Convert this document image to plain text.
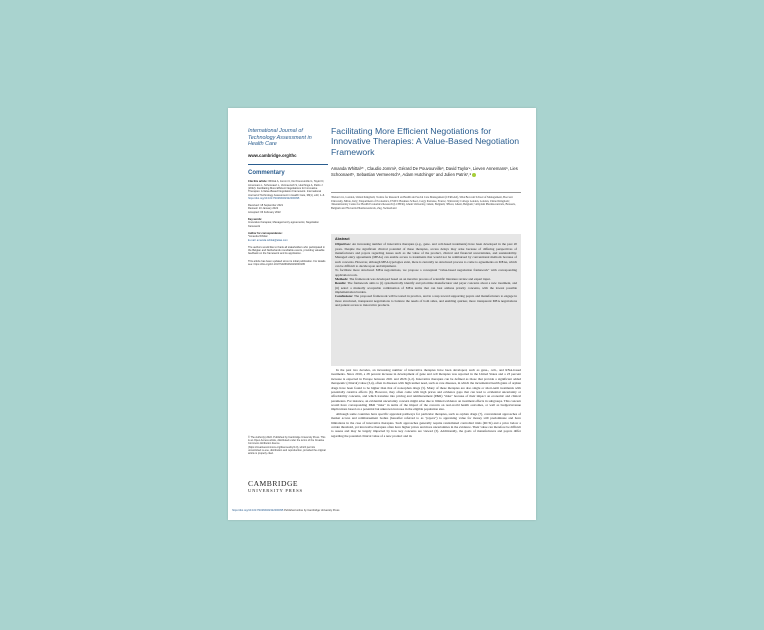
International Journal of Technology Assessment in Health Care
www.cambridge.org/thc
Commentary

Cite this article: Whittal A, Jommi C, De Pouvourville G, Taylor D, Annemans L, Schoonaert L, Vermeersch S, Hutchings A, Patris J (2022). Facilitating More Efficient Negotiations for Innovative Therapies: A Value-Based Negotiation Framework. International Journal of Technology Assessment in Health Care, 38(1), e23, 1–6. https://doi.org/10.1017/S0266462322000095

Received: 18 September 2021
Revised: 10 January 2022
Accepted: 06 February 2022

Key words:
Innovative therapies; Managed entry agreements; Negotiation framework

Author for correspondence:
*Amanda Whittal
E-mail: amanda.whittal@alias.com

The authors would like to thank all stakeholders who participated in the Belgian and Netherlands roundtable events, providing valuable feedback on the framework and its application.

This article has been updated since its initial publication. For details see: https://doi.org/10.1017/S0266462322000195

© The Author(s) 2022. Published by Cambridge University Press. This is an Open Access article, distributed under the terms of the Creative Commons Attribution licence (https://creativecommons.org/licenses/by/4.0), which permits unrestricted re-use, distribution and reproduction, provided the original article is properly cited.
CAMBRIDGE
UNIVERSITY PRESS
Facilitating More Efficient Negotiations for Innovative Therapies: A Value-Based Negotiation Framework
Amanda Whittal¹* , Claudio Jommi², Gérard De Pouvourville³, David Taylor⁴, Lieven Annemans⁵, Lies Schoonaert⁵, Sebastian Vermeersch⁶, Adam Hutchings⁷ and Julien Patris⁷,⁸
¹Dolon Ltd., London, United Kingdom; ²Centre for Research on Health and Social Care Management (CERGAS), SDA Bocconi School of Management, Bocconi University, Milan, Italy; ³Department of Economics, ESSEC Business School, Cergy Pontoise, France; ⁴University College London, London, United Kingdom; ⁵Interuniversity Centre for Health Economics Research (I-CHER), Ghent University, Ghent, Belgium; ⁶Pfizer, Ghent, Belgium; ⁷Alnylam Pharmaceuticals, Brussels, Belgium and ⁸Novartis Pharmaceuticals, Zug, Switzerland
Abstract

Objectives: An increasing number of innovative therapies (e.g., gene- and cell-based treatments) have been developed in the past 20 years. Despite the significant clinical potential of these therapies, access delays may arise because of differing perspectives of manufacturers and payers regarding issues such as the value of the product, clinical and financial uncertainties, and sustainability. Managed entry agreements (MEAs) can enable access to treatments that would not be reimbursed by conventional methods because of such concerns. However, although MEA typologies exist, there is currently no structured process to come to agreements on MEAs, which can be difficult to decide upon and implement.

To facilitate more structured MEA negotiations, we propose a conceptual "value-based negotiation framework" with corresponding application tools.

Methods: The framework was developed based on an iterative process of scientific literature review and expert input.

Results: The framework aims to (i) systematically identify and prioritize manufacturer and payer concerns about a new treatment, and (ii) select a mutually acceptable combination of MEA terms that can best address priority concerns, with the lowest possible implementation burden.

Conclusions: The proposed framework will be tested in practice, and in a step toward supporting payers and manufacturers to engage in more structured, transparent negotiations to balance the needs of both sides, and enabling quicker, more transparent MEA negotiations and patient access to innovative products.

In the past two decades, an increasing number of innovative therapies have been developed, such as gene-, cell-, and RNA-based treatments. Since 2016, a 28 percent increase in development of gene and cell therapies was reported in the United States and a 23 percent increase is expected in Europe between 2021 and 2026 (1,2). Innovative therapies can be defined as those that provide a significant added therapeutic (clinical) value (3,4), often in diseases with high unmet need, such as rare diseases, in which the incremental health gains of orphan drugs have been found to be higher than that of nonorphan drugs (5). Many of these therapies are also single or short-term treatments with potentially curative effects (6). However, they often come with high prices and evidence gaps that can lead to evidential uncertainty or affordability concerns, and which translate into pricing and reimbursement (P&R) "risks" because of their impact on economic and clinical parameters. For instance, an evidential uncertainty concern might arise due to limited evidence on treatment effects in subgroups. This concern would have corresponding P&R "risks" in terms of the impact of the concern on real-world health outcomes, or well as budget/revenue implications based on a potential but unknown increase in the eligible population size.

Although some countries have specific appraisal pathways for particular therapies, such as orphan drugs (7), conventional approaches of market access and reimbursement bodies (hereafter referred to as "payers") to appraising value for money still predominate and have limitations in the case of innovative therapies. Such approaches generally require randomized controlled trials (RCTs) and a price below a certain threshold, yet innovative therapies often have higher prices and more uncertainties in the evidence. Their value can therefore be difficult to assess and may be largely impacted by how key concerns are viewed (3). Additionally, the goals of manufacturers and payers differ regarding the potential clinical value of a new product and its

https://doi.org/10.1017/S0266462322000095 Published online by Cambridge University Press
